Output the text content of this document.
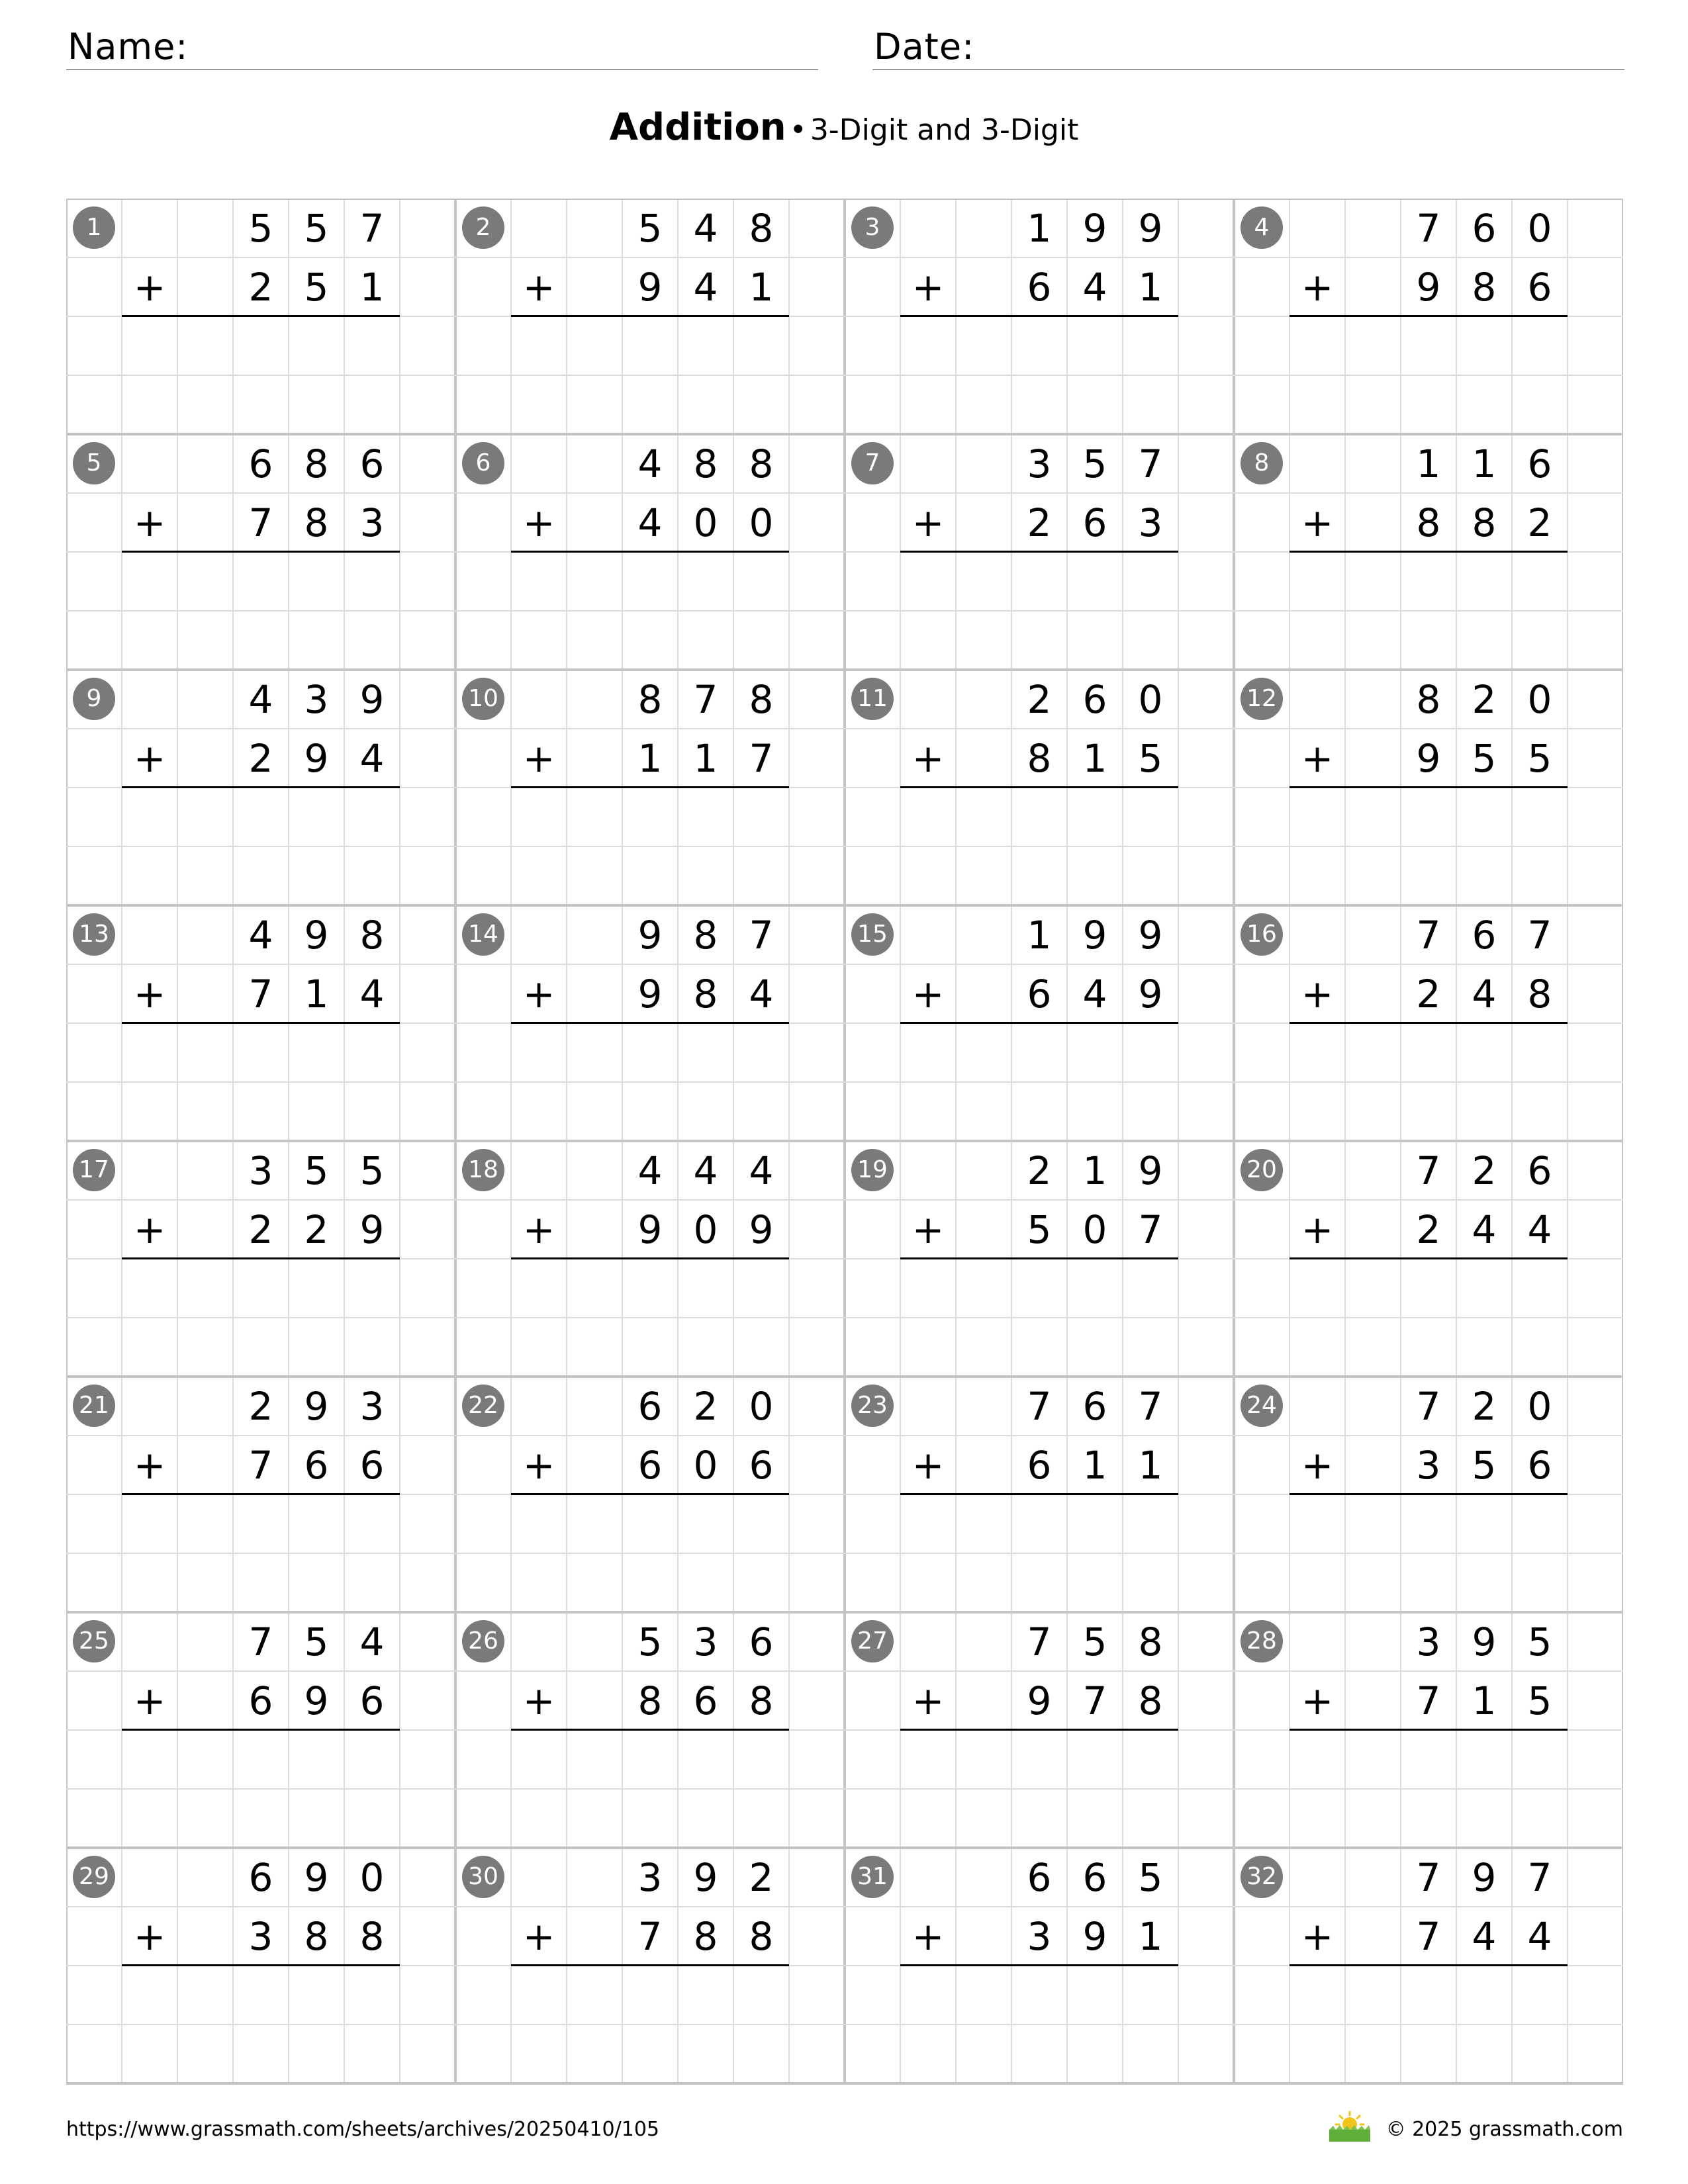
Name:	Date:
Addition • 3-Digit and 3-Digit
1	5 5 7
+	2 5 1
2	5 4 8
+	9 4 1
3	1 9 9
+	6 4 1
4	7 6 0
+	9 8 6
5	6 8 6
+	7 8 3
6	4 8 8
+	4 0 0
7	3 5 7
+	2 6 3
8	1 1 6
+	8 8 2
9	4 3 9
+	2 9 4
10	8 7 8
+	1 1 7
11	2 6 0
+	8 1 5
12	8 2 0
+	9 5 5
13	4 9 8
+	7 1 4
14	9 8 7
+	9 8 4
15	1 9 9
+	6 4 9
16	7 6 7
+	2 4 8
17	3 5 5
+	2 2 9
18	4 4 4
+	9 0 9
19	2 1 9
+	5 0 7
20	7 2 6
+	2 4 4
21	2 9 3
+	7 6 6
22	6 2 0
+	6 0 6
23	7 6 7
+	6 1 1
24	7 2 0
+	3 5 6
25	7 5 4
+	6 9 6
26	5 3 6
+	8 6 8
27	7 5 8
+	9 7 8
28	3 9 5
+	7 1 5
29	6 9 0
+	3 8 8
30	3 9 2
+	7 8 8
31	6 6 5
+	3 9 1
32	7 9 7
+	7 4 4
https://www.grassmath.com/sheets/archives/20250410/105	© 2025 grassmath.com
